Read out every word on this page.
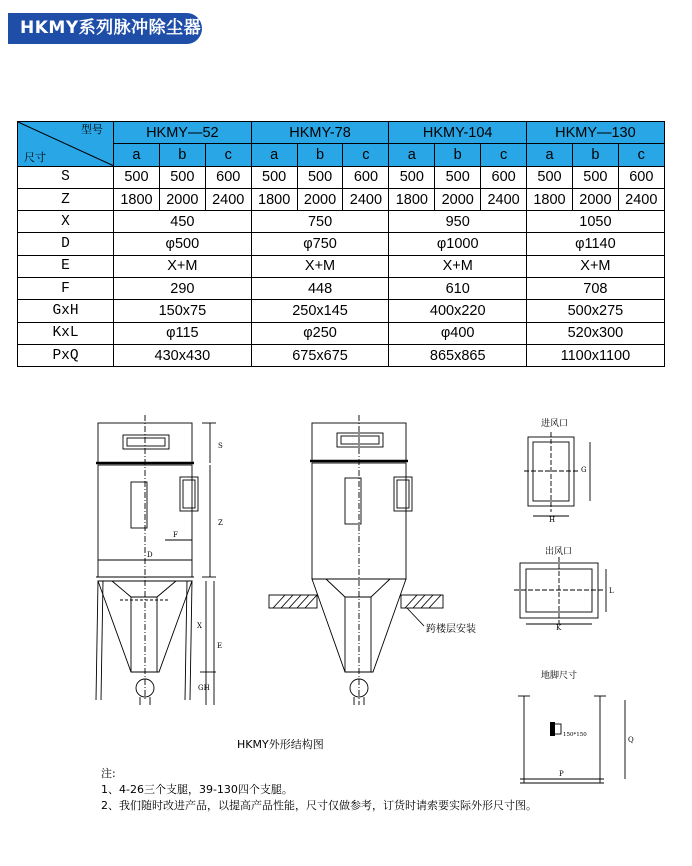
HKMY系列脉冲除尘器
型号
尺寸	HKMY—52			HKMY-78			HKMY-104			HKMY—130		
	a	b	c	a	b	c	a	b	c	a	b	c
S	500	500	600	500	500	600	500	500	600	500	500	600
Z	1800	2000	2400	1800	2000	2400	1800	2000	2400	1800	2000	2400
X	450			750			950			1050		
D	φ500			φ750			φ1000			φ1140		
E	X+M			X+M			X+M			X+M		
F	290			448			610			708		
GxH	150x75			250x145			400x220			500x275		
KxL	φ115			φ250			φ400			520x300		
PxQ	430x430			675x675			865x865			1100x1100		
S
Z
F
D
X
E
GH
进风口
G
H
出风口
L
K
地脚尺寸
Q
P
150*150
跨楼层安装
HKMY外形结构图
注:
1、4-26三个支腿，39-130四个支腿。
2、我们随时改进产品，以提高产品性能，尺寸仅做参考，订货时请索要实际外形尺寸图。
